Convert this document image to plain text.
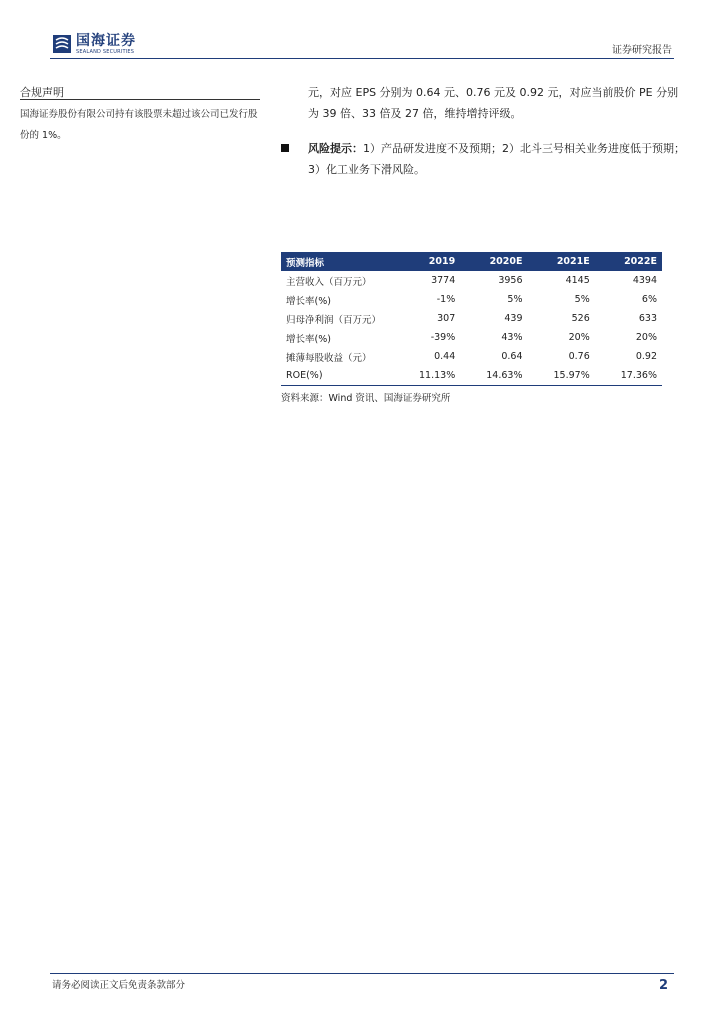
国海证券
SEALAND SECURITIES	证券研究报告
合规声明
国海证券股份有限公司持有该股票未超过该公司已发行股份的 1%。
元，对应 EPS 分别为 0.64 元、0.76 元及 0.92 元，对应当前股价 PE 分别为 39 倍、33 倍及 27 倍，维持增持评级。
风险提示：1）产品研发进度不及预期；2）北斗三号相关业务进度低于预期；3）化工业务下滑风险。
预测指标	2019	2020E	2021E	2022E
主营收入（百万元）	3774	3956	4145	4394
增长率(%)	-1%	5%	5%	6%
归母净利润（百万元）	307	439	526	633
增长率(%)	-39%	43%	20%	20%
摊薄每股收益（元）	0.44	0.64	0.76	0.92
ROE(%)	11.13%	14.63%	15.97%	17.36%
资料来源：Wind 资讯、国海证券研究所
请务必阅读正文后免责条款部分	2
